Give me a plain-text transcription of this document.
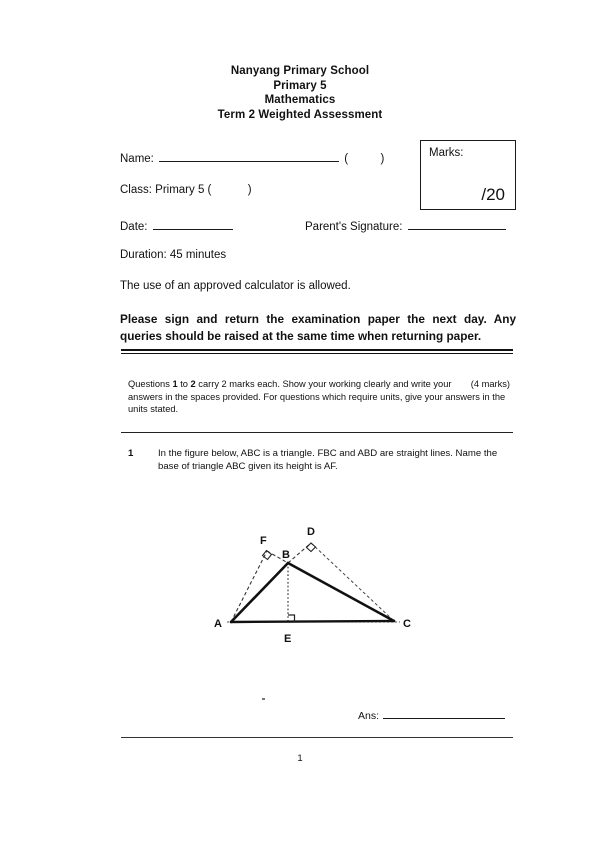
Nanyang Primary School
Primary 5
Mathematics
Term 2 Weighted Assessment
Name:	(	)
Class: Primary 5 (	)
Date:	Parent's Signature:
Marks:
/20
Duration: 45 minutes
The use of an approved calculator is allowed.
Please sign and return the examination paper the next day. Any queries should be raised at the same time when returning paper.
(4 marks)
Questions 1 to 2 carry 2 marks each. Show your working clearly and write your answers in the spaces provided. For questions which require units, give your answers in the units stated.
1	In the figure below, ABC is a triangle. FBC and ABD are straight lines. Name the base of triangle ABC given its height is AF.
A
B
C
D
E
F
Ans:
1
